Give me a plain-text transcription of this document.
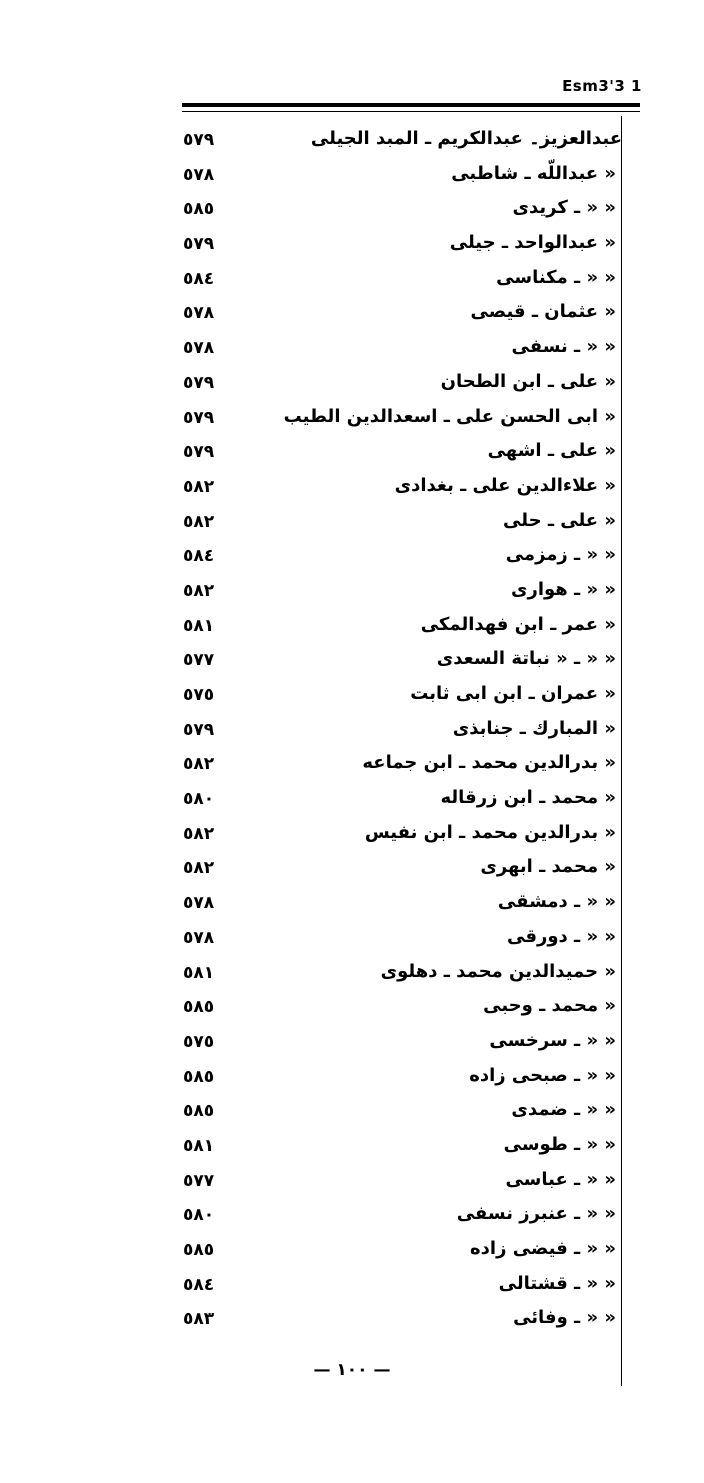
Esm3'3 1
عبدالعزيز۔ عبدالكريم ـ المبد الجيلى
٥٧٩
« عبداللّه ـ شاطبى
٥٧٨
« « ـ كريدى
٥٨٥
« عبدالواحد ـ جيلى
٥٧٩
« « ـ مكناسى
٥٨٤
« عثمان ـ قيصى
٥٧٨
« « ـ نسفى
٥٧٨
« على ـ ابن الطحان
٥٧٩
« ابى الحسن على ـ اسعدالدين الطيب
٥٧٩
« على ـ اشهى
٥٧٩
« علاءالدين على ـ بغدادى
٥٨٢
« على ـ حلى
٥٨٢
« « ـ زمزمى
٥٨٤
« « ـ هوارى
٥٨٢
« عمر ـ ابن فهدالمكى
٥٨١
« « ـ « نباتة السعدى
٥٧٧
« عمران ـ ابن ابى ثابت
٥٧٥
« المبارك ـ جنابذى
٥٧٩
« بدرالدين محمد ـ ابن جماعه
٥٨٢
« محمد ـ ابن زرقاله
٥٨٠
« بدرالدين محمد ـ ابن نفيس
٥٨٢
« محمد ـ ابهرى
٥٨٢
« « ـ دمشقى
٥٧٨
« « ـ دورقى
٥٧٨
« حميدالدين محمد ـ دهلوى
٥٨١
« محمد ـ وحبى
٥٨٥
« « ـ سرخسى
٥٧٥
« « ـ صبحى زاده
٥٨٥
« « ـ ضمدى
٥٨٥
« « ـ طوسى
٥٨١
« « ـ عباسى
٥٧٧
« « ـ عنبرز نسفى
٥٨٠
« « ـ فيضى زاده
٥٨٥
« « ـ قشتالى
٥٨٤
« « ـ وفائى
٥٨٣
— ١٠٠ —
